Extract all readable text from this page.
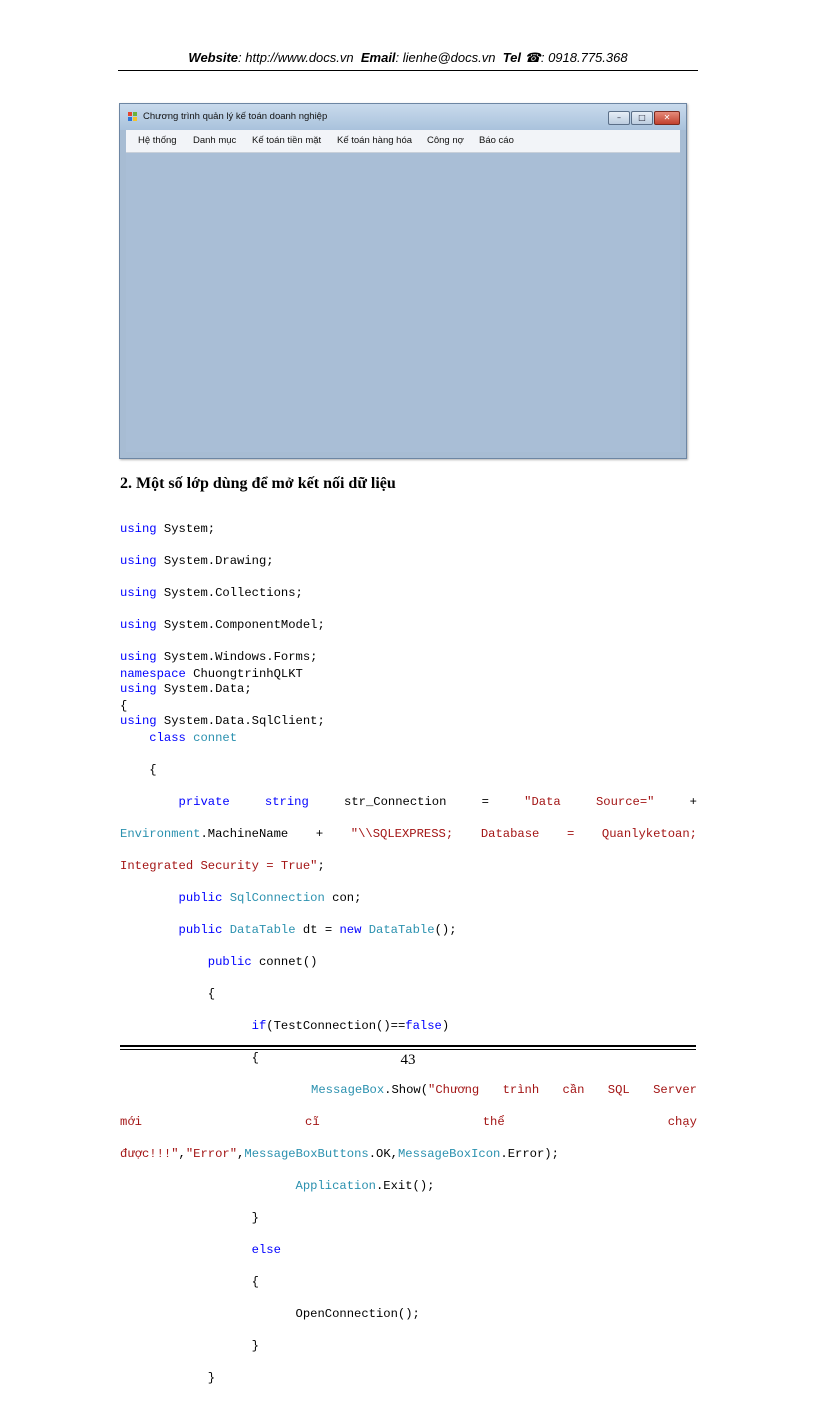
Website: http://www.docs.vn Email: lienhe@docs.vn Tel ☎: 0918.775.368
Chương trình quản lý kế toán doanh nghiệp	–	□	✕
Hệ thống Danh mục Kế toán tiền mặt Kế toán hàng hóa Công nợ Báo cáo
2. Một số lớp dùng để mở kết nối dữ liệu

using System;

using System.Drawing;

using System.Collections;

using System.ComponentModel;

using System.Windows.Forms;

using System.Data;

using System.Data.SqlClient;

namespace ChuongtrinhQLKT

{

class connet

{

private	string	str_Connection	=	"Data	Source="	+

Environment.MachineName + "\\SQLEXPRESS; Database = Quanlyketoan;

Integrated Security = True";

public SqlConnection con;

public DataTable dt = new DataTable();

public connet()

{

if(TestConnection()==false)

{

MessageBox.Show("Chương trình cần SQL Server

mới	cĩ	thể	chạy

được!!!","Error",MessageBoxButtons.OK,MessageBoxIcon.Error);

Application.Exit();

}

else

{

OpenConnection();

}

}

43
